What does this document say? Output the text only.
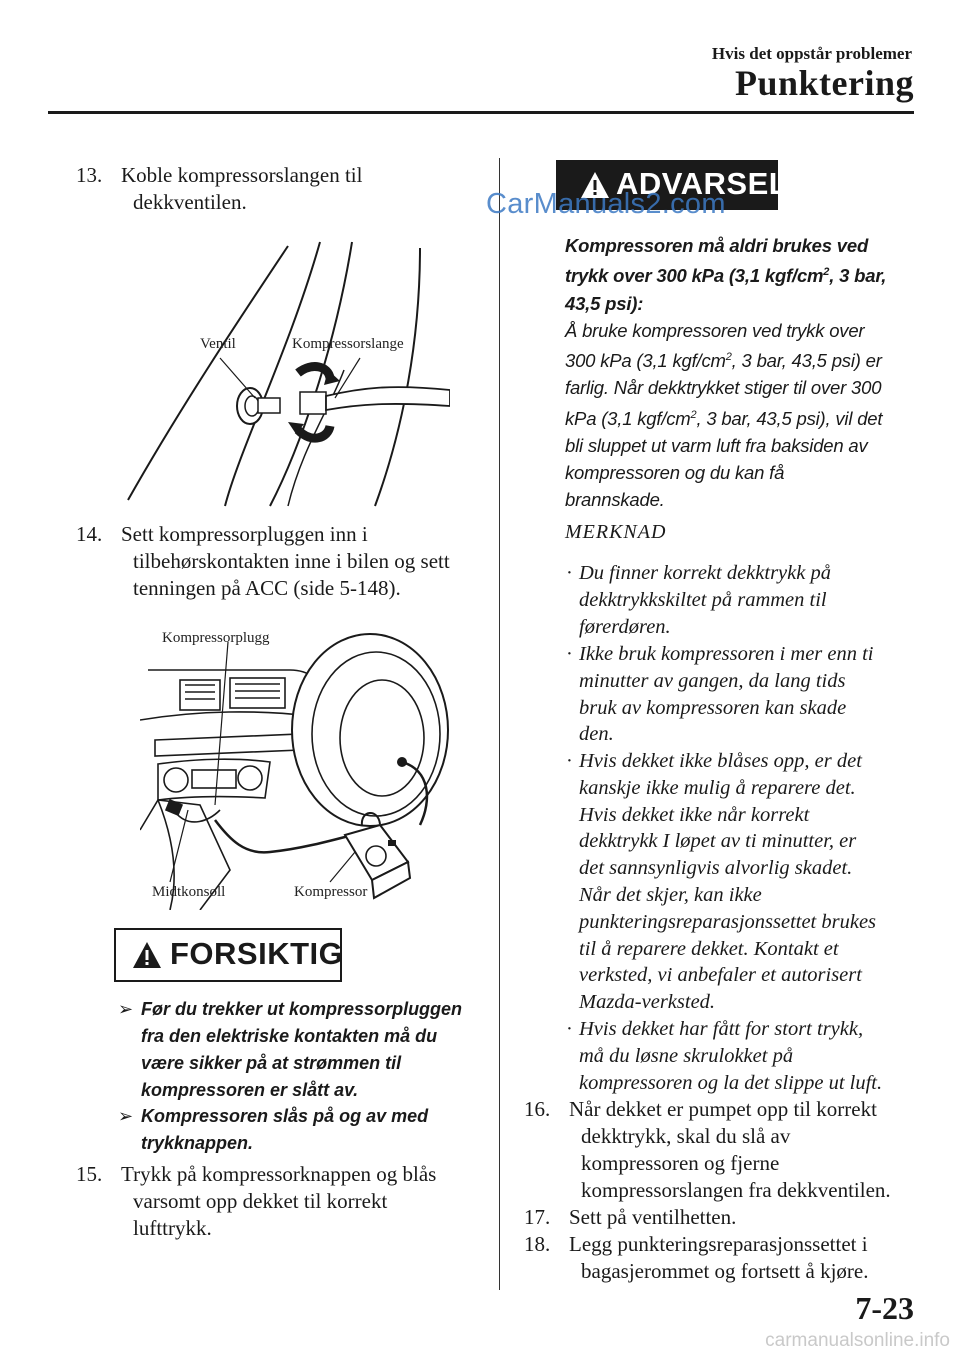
Hvis det oppstår problemer
Punktering
13. Koble kompressorslangen til
dekkventilen.
Ventil	Kompressorslange
14. Sett kompressorpluggen inn i
tilbehørskontakten inne i bilen og sett
tenningen på ACC (side 5-148).
Kompressorplugg
Midtkonsoll	Kompressor
FORSIKTIG
➢ Før du trekker ut kompressorpluggen
fra den elektriske kontakten må du
være sikker på at strømmen til
kompressoren er slått av.
➢ Kompressoren slås på og av med
trykknappen.
15. Trykk på kompressorknappen og blås
varsomt opp dekket til korrekt
lufttrykk.
ADVARSEL
CarManuals2.com
Kompressoren må aldri brukes ved
trykk over 300 kPa (3,1 kgf/$cm^2$, 3 bar,
43,5 psi):
Å bruke kompressoren ved trykk over
300 kPa (3,1 kgf/$cm^2$, 3 bar, 43,5 psi) er
farlig. Når dekktrykket stiger til over 300
kPa (3,1 kgf/$cm^2$, 3 bar, 43,5 psi), vil det
bli sluppet ut varm luft fra baksiden av
kompressoren og du kan få
brannskade.
MERKNAD
· Du finner korrekt dekktrykk på
dekktrykkskiltet på rammen til
førerdøren.
· Ikke bruk kompressoren i mer enn ti
minutter av gangen, da lang tids
bruk av kompressoren kan skade
den.
· Hvis dekket ikke blåses opp, er det
kanskje ikke mulig å reparere det.
Hvis dekket ikke når korrekt
dekktrykk I løpet av ti minutter, er
det sannsynligvis alvorlig skadet.
Når det skjer, kan ikke
punkteringsreparasjonssettet brukes
til å reparere dekket. Kontakt et
verksted, vi anbefaler et autorisert
Mazda-verksted.
· Hvis dekket har fått for stort trykk,
må du løsne skrulokket på
kompressoren og la det slippe ut luft.
16. Når dekket er pumpet opp til korrekt
dekktrykk, skal du slå av
kompressoren og fjerne
kompressorslangen fra dekkventilen.
17. Sett på ventilhetten.
18. Legg punkteringsreparasjonssettet i
bagasjerommet og fortsett å kjøre.
7-23
carmanualsonline.info
